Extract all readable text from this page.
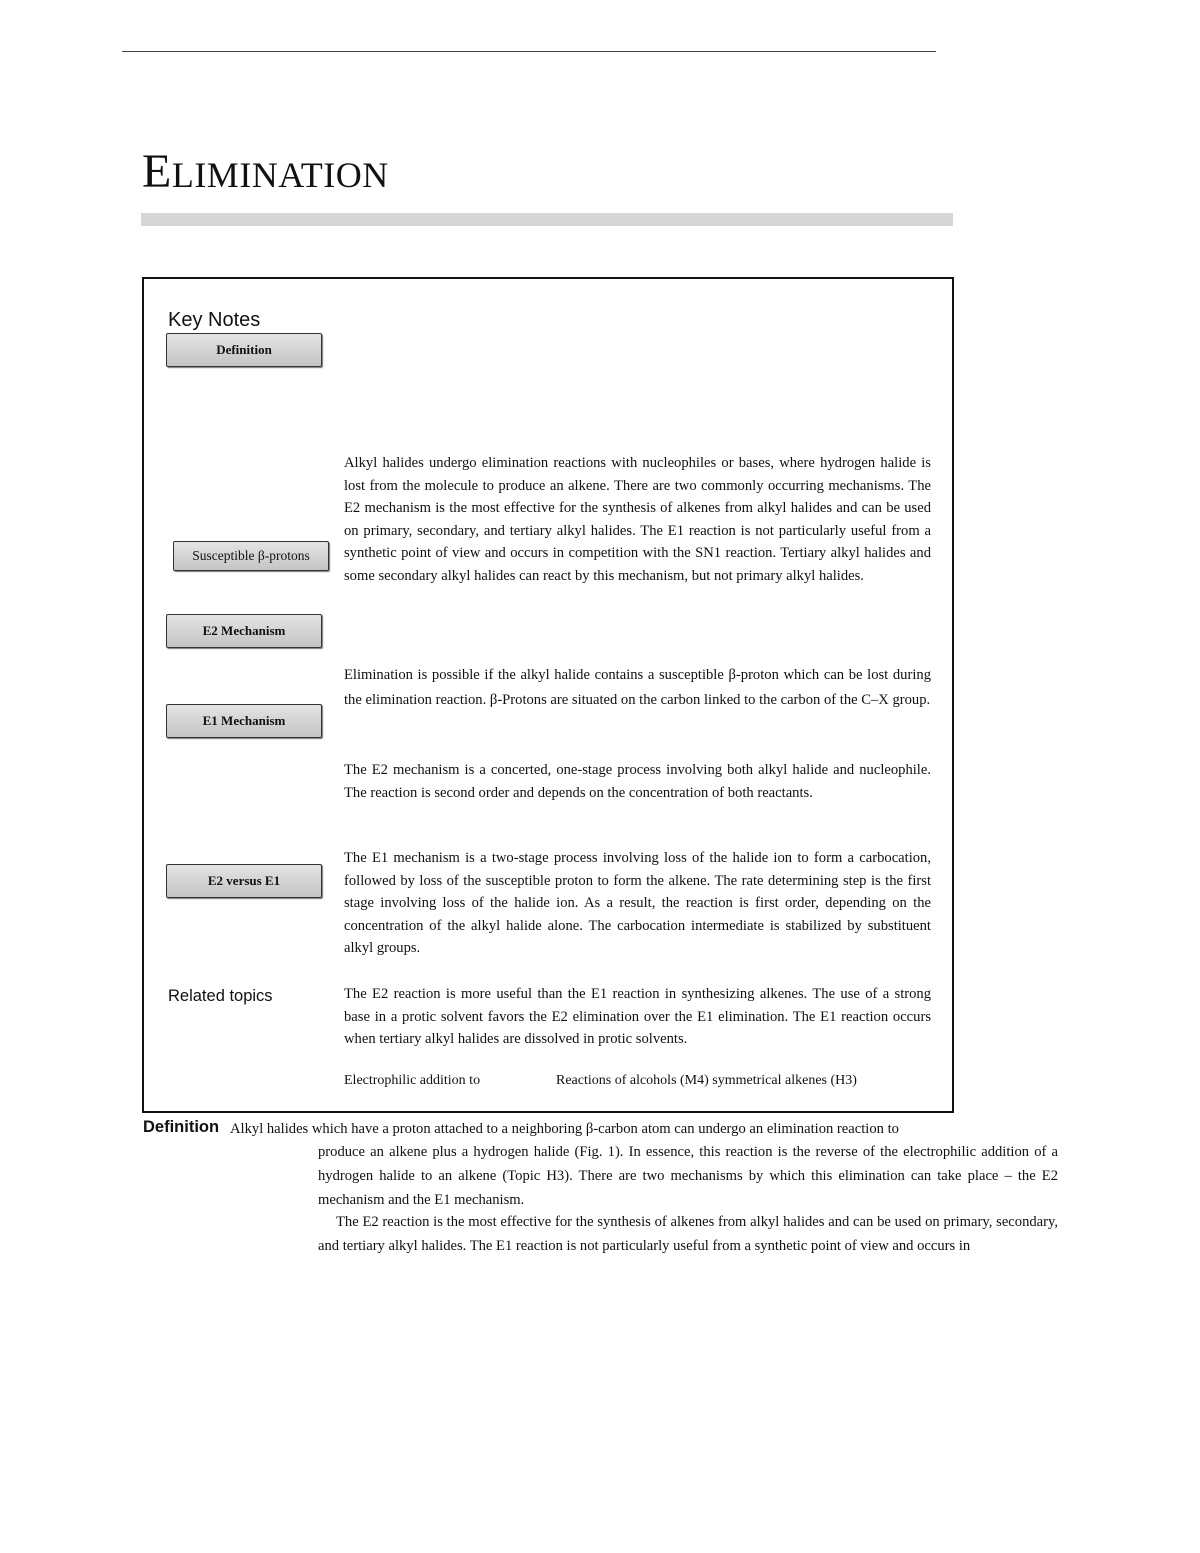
ELIMINATION
Key Notes
Definition
Susceptible β-protons
E2 Mechanism
E1 Mechanism
E2 versus E1
Alkyl halides undergo elimination reactions with nucleophiles or bases, where hydrogen halide is lost from the molecule to produce an alkene. There are two commonly occurring mechanisms. The E2 mechanism is the most effective for the synthesis of alkenes from alkyl halides and can be used on primary, secondary, and tertiary alkyl halides. The E1 reaction is not particularly useful from a synthetic point of view and occurs in competition with the SN1 reaction. Tertiary alkyl halides and some secondary alkyl halides can react by this mechanism, but not primary alkyl halides.
Elimination is possible if the alkyl halide contains a susceptible β-proton which can be lost during the elimination reaction. β-Protons are situated on the carbon linked to the carbon of the C–X group.
The E2 mechanism is a concerted, one-stage process involving both alkyl halide and nucleophile. The reaction is second order and depends on the concentration of both reactants.
The E1 mechanism is a two-stage process involving loss of the halide ion to form a carbocation, followed by loss of the susceptible proton to form the alkene. The rate determining step is the first stage involving loss of the halide ion. As a result, the reaction is first order, depending on the concentration of the alkyl halide alone. The carbocation intermediate is stabilized by substituent alkyl groups.
The E2 reaction is more useful than the E1 reaction in synthesizing alkenes. The use of a strong base in a protic solvent favors the E2 elimination over the E1 elimination. The E1 reaction occurs when tertiary alkyl halides are dissolved in protic solvents.
Related topics
Electrophilic addition to	Reactions of alcohols (M4) symmetrical alkenes (H3)
Definition Alkyl halides which have a proton attached to a neighboring β-carbon atom can undergo an elimination reaction to
produce an alkene plus a hydrogen halide (Fig. 1). In essence, this reaction is the reverse of the electrophilic addition of a hydrogen halide to an alkene (Topic H3). There are two mechanisms by which this elimination can take place – the E2 mechanism and the E1 mechanism.
The E2 reaction is the most effective for the synthesis of alkenes from alkyl halides and can be used on primary, secondary, and tertiary alkyl halides. The E1 reaction is not particularly useful from a synthetic point of view and occurs in
